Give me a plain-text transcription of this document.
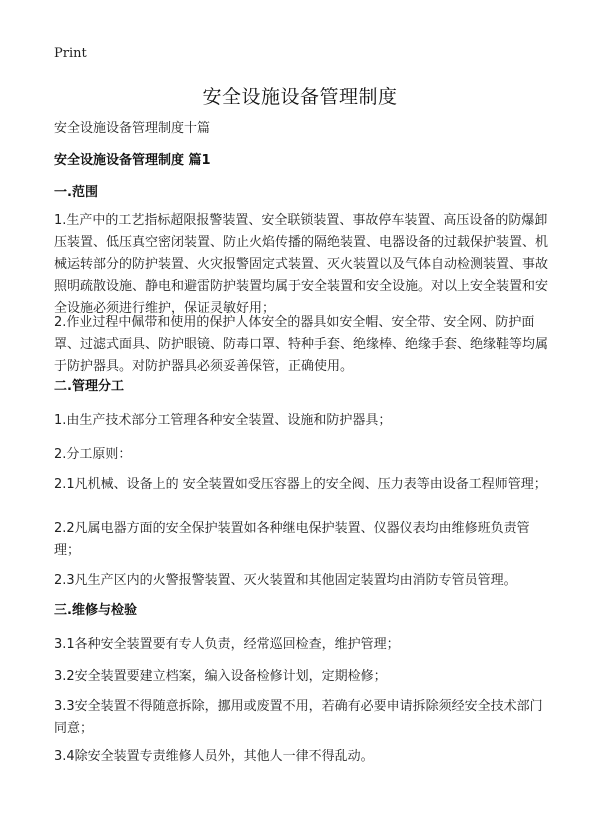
Print
安全设施设备管理制度
安全设施设备管理制度十篇
安全设施设备管理制度 篇1
一.范围
1.生产中的工艺指标超限报警装置、安全联锁装置、事故停车装置、高压设备的防爆卸压装置、低压真空密闭装置、防止火焰传播的隔绝装置、电器设备的过载保护装置、机械运转部分的防护装置、火灾报警固定式装置、灭火装置以及气体自动检测装置、事故照明疏散设施、静电和避雷防护装置均属于安全装置和安全设施。对以上安全装置和安全设施必须进行维护，保证灵敏好用；
2.作业过程中佩带和使用的保护人体安全的器具如安全帽、安全带、安全网、防护面罩、过滤式面具、防护眼镜、防毒口罩、特种手套、绝缘棒、绝缘手套、绝缘鞋等均属于防护器具。对防护器具必须妥善保管，正确使用。
二.管理分工
1.由生产技术部分工管理各种安全装置、设施和防护器具；
2.分工原则：
2.1凡机械、设备上的 安全装置如受压容器上的安全阀、压力表等由设备工程师管理；
2.2凡属电器方面的安全保护装置如各种继电保护装置、仪器仪表均由维修班负责管理；
2.3凡生产区内的火警报警装置、灭火装置和其他固定装置均由消防专管员管理。
三.维修与检验
3.1各种安全装置要有专人负责，经常巡回检查，维护管理；
3.2安全装置要建立档案，编入设备检修计划，定期检修；
3.3安全装置不得随意拆除，挪用或废置不用，若确有必要申请拆除须经安全技术部门同意；
3.4除安全装置专责维修人员外，其他人一律不得乱动。
